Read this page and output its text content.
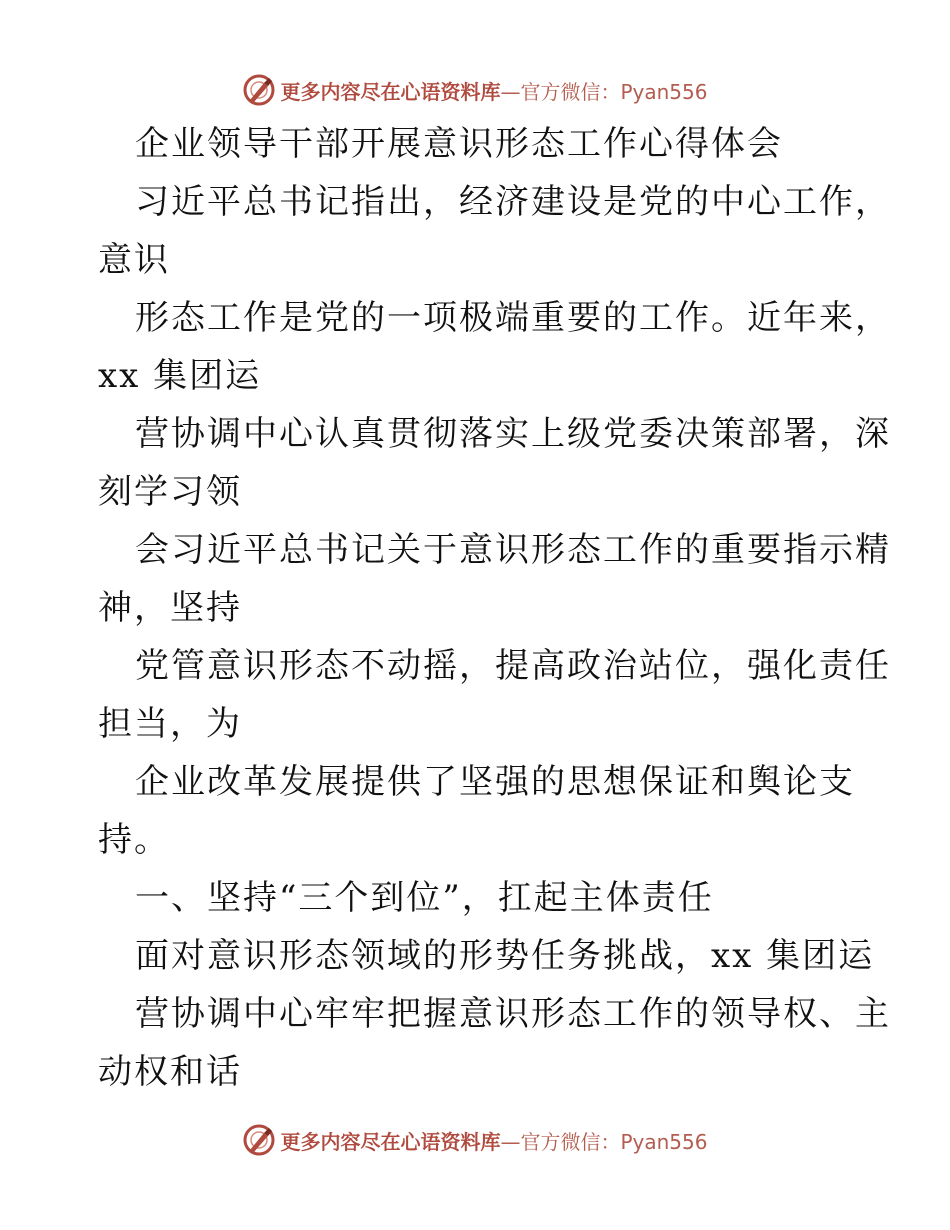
更多内容尽在心语资料库—官方微信：Pyan556
企业领导干部开展意识形态工作心得体会
习近平总书记指出，经济建设是党的中心工作，
意识
形态工作是党的一项极端重要的工作。近年来，
xx 集团运
营协调中心认真贯彻落实上级党委决策部署，深
刻学习领
会习近平总书记关于意识形态工作的重要指示精
神，坚持
党管意识形态不动摇，提高政治站位，强化责任
担当，为
企业改革发展提供了坚强的思想保证和舆论支
持。
一、坚持“三个到位”，扛起主体责任
面对意识形态领域的形势任务挑战，xx 集团运
营协调中心牢牢把握意识形态工作的领导权、主
动权和话
更多内容尽在心语资料库—官方微信：Pyan556
